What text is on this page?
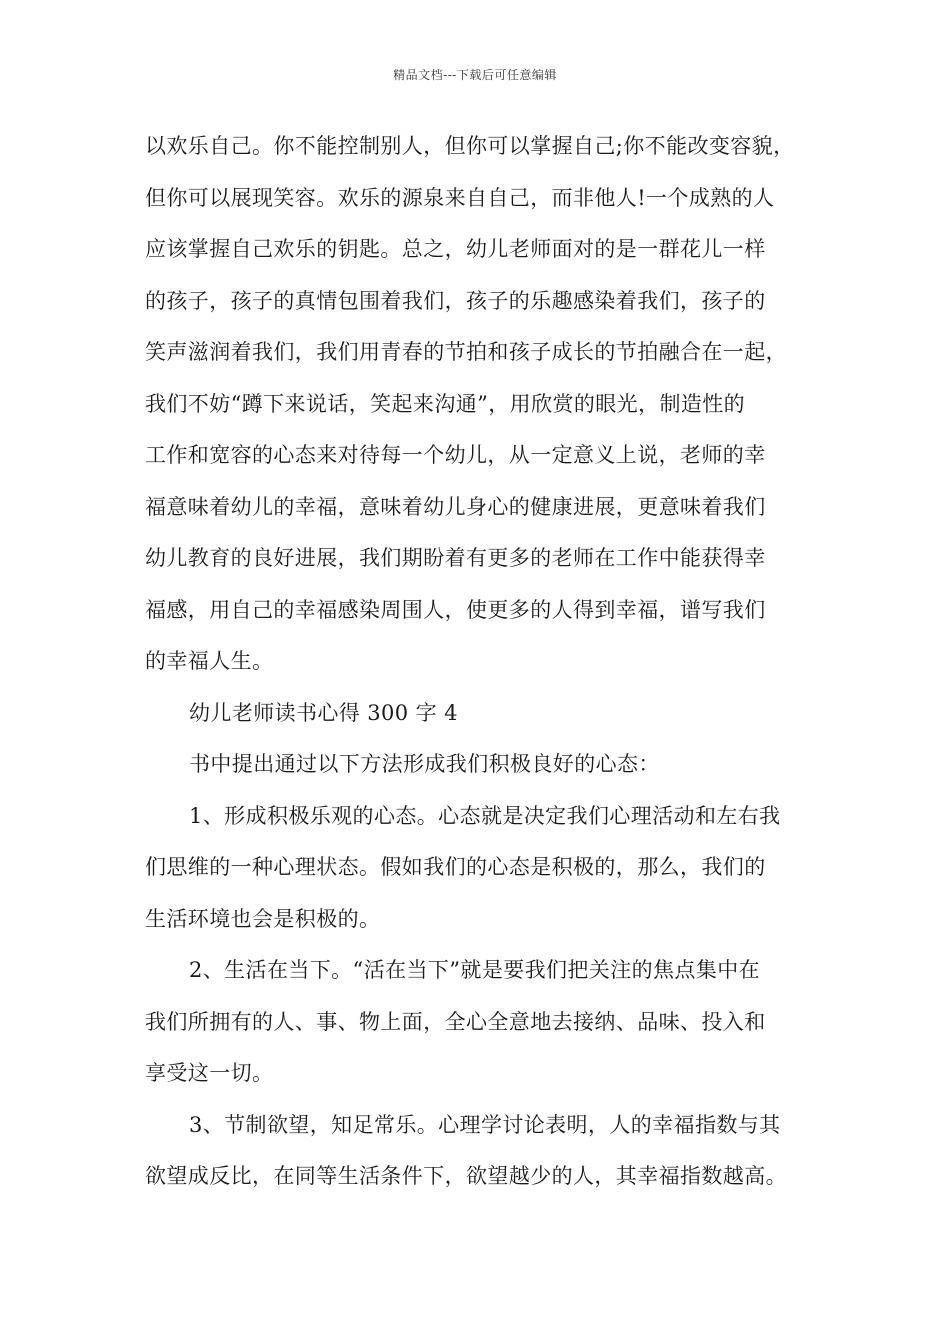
精品文档---下载后可任意编辑
以欢乐自己。你不能控制别人，但你可以掌握自己;你不能改变容貌，
但你可以展现笑容。欢乐的源泉来自自己，而非他人!一个成熟的人
应该掌握自己欢乐的钥匙。总之，幼儿老师面对的是一群花儿一样
的孩子，孩子的真情包围着我们，孩子的乐趣感染着我们，孩子的
笑声滋润着我们，我们用青春的节拍和孩子成长的节拍融合在一起，
我们不妨“蹲下来说话，笑起来沟通”，用欣赏的眼光，制造性的
工作和宽容的心态来对待每一个幼儿，从一定意义上说，老师的幸
福意味着幼儿的幸福，意味着幼儿身心的健康进展，更意味着我们
幼儿教育的良好进展，我们期盼着有更多的老师在工作中能获得幸
福感，用自己的幸福感染周围人，使更多的人得到幸福，谱写我们
的幸福人生。
幼儿老师读书心得 300 字 4
书中提出通过以下方法形成我们积极良好的心态：
1、形成积极乐观的心态。心态就是决定我们心理活动和左右我
们思维的一种心理状态。假如我们的心态是积极的，那么，我们的
生活环境也会是积极的。
2、生活在当下。“活在当下”就是要我们把关注的焦点集中在
我们所拥有的人、事、物上面，全心全意地去接纳、品味、投入和
享受这一切。
3、节制欲望，知足常乐。心理学讨论表明，人的幸福指数与其
欲望成反比，在同等生活条件下，欲望越少的人，其幸福指数越高。
